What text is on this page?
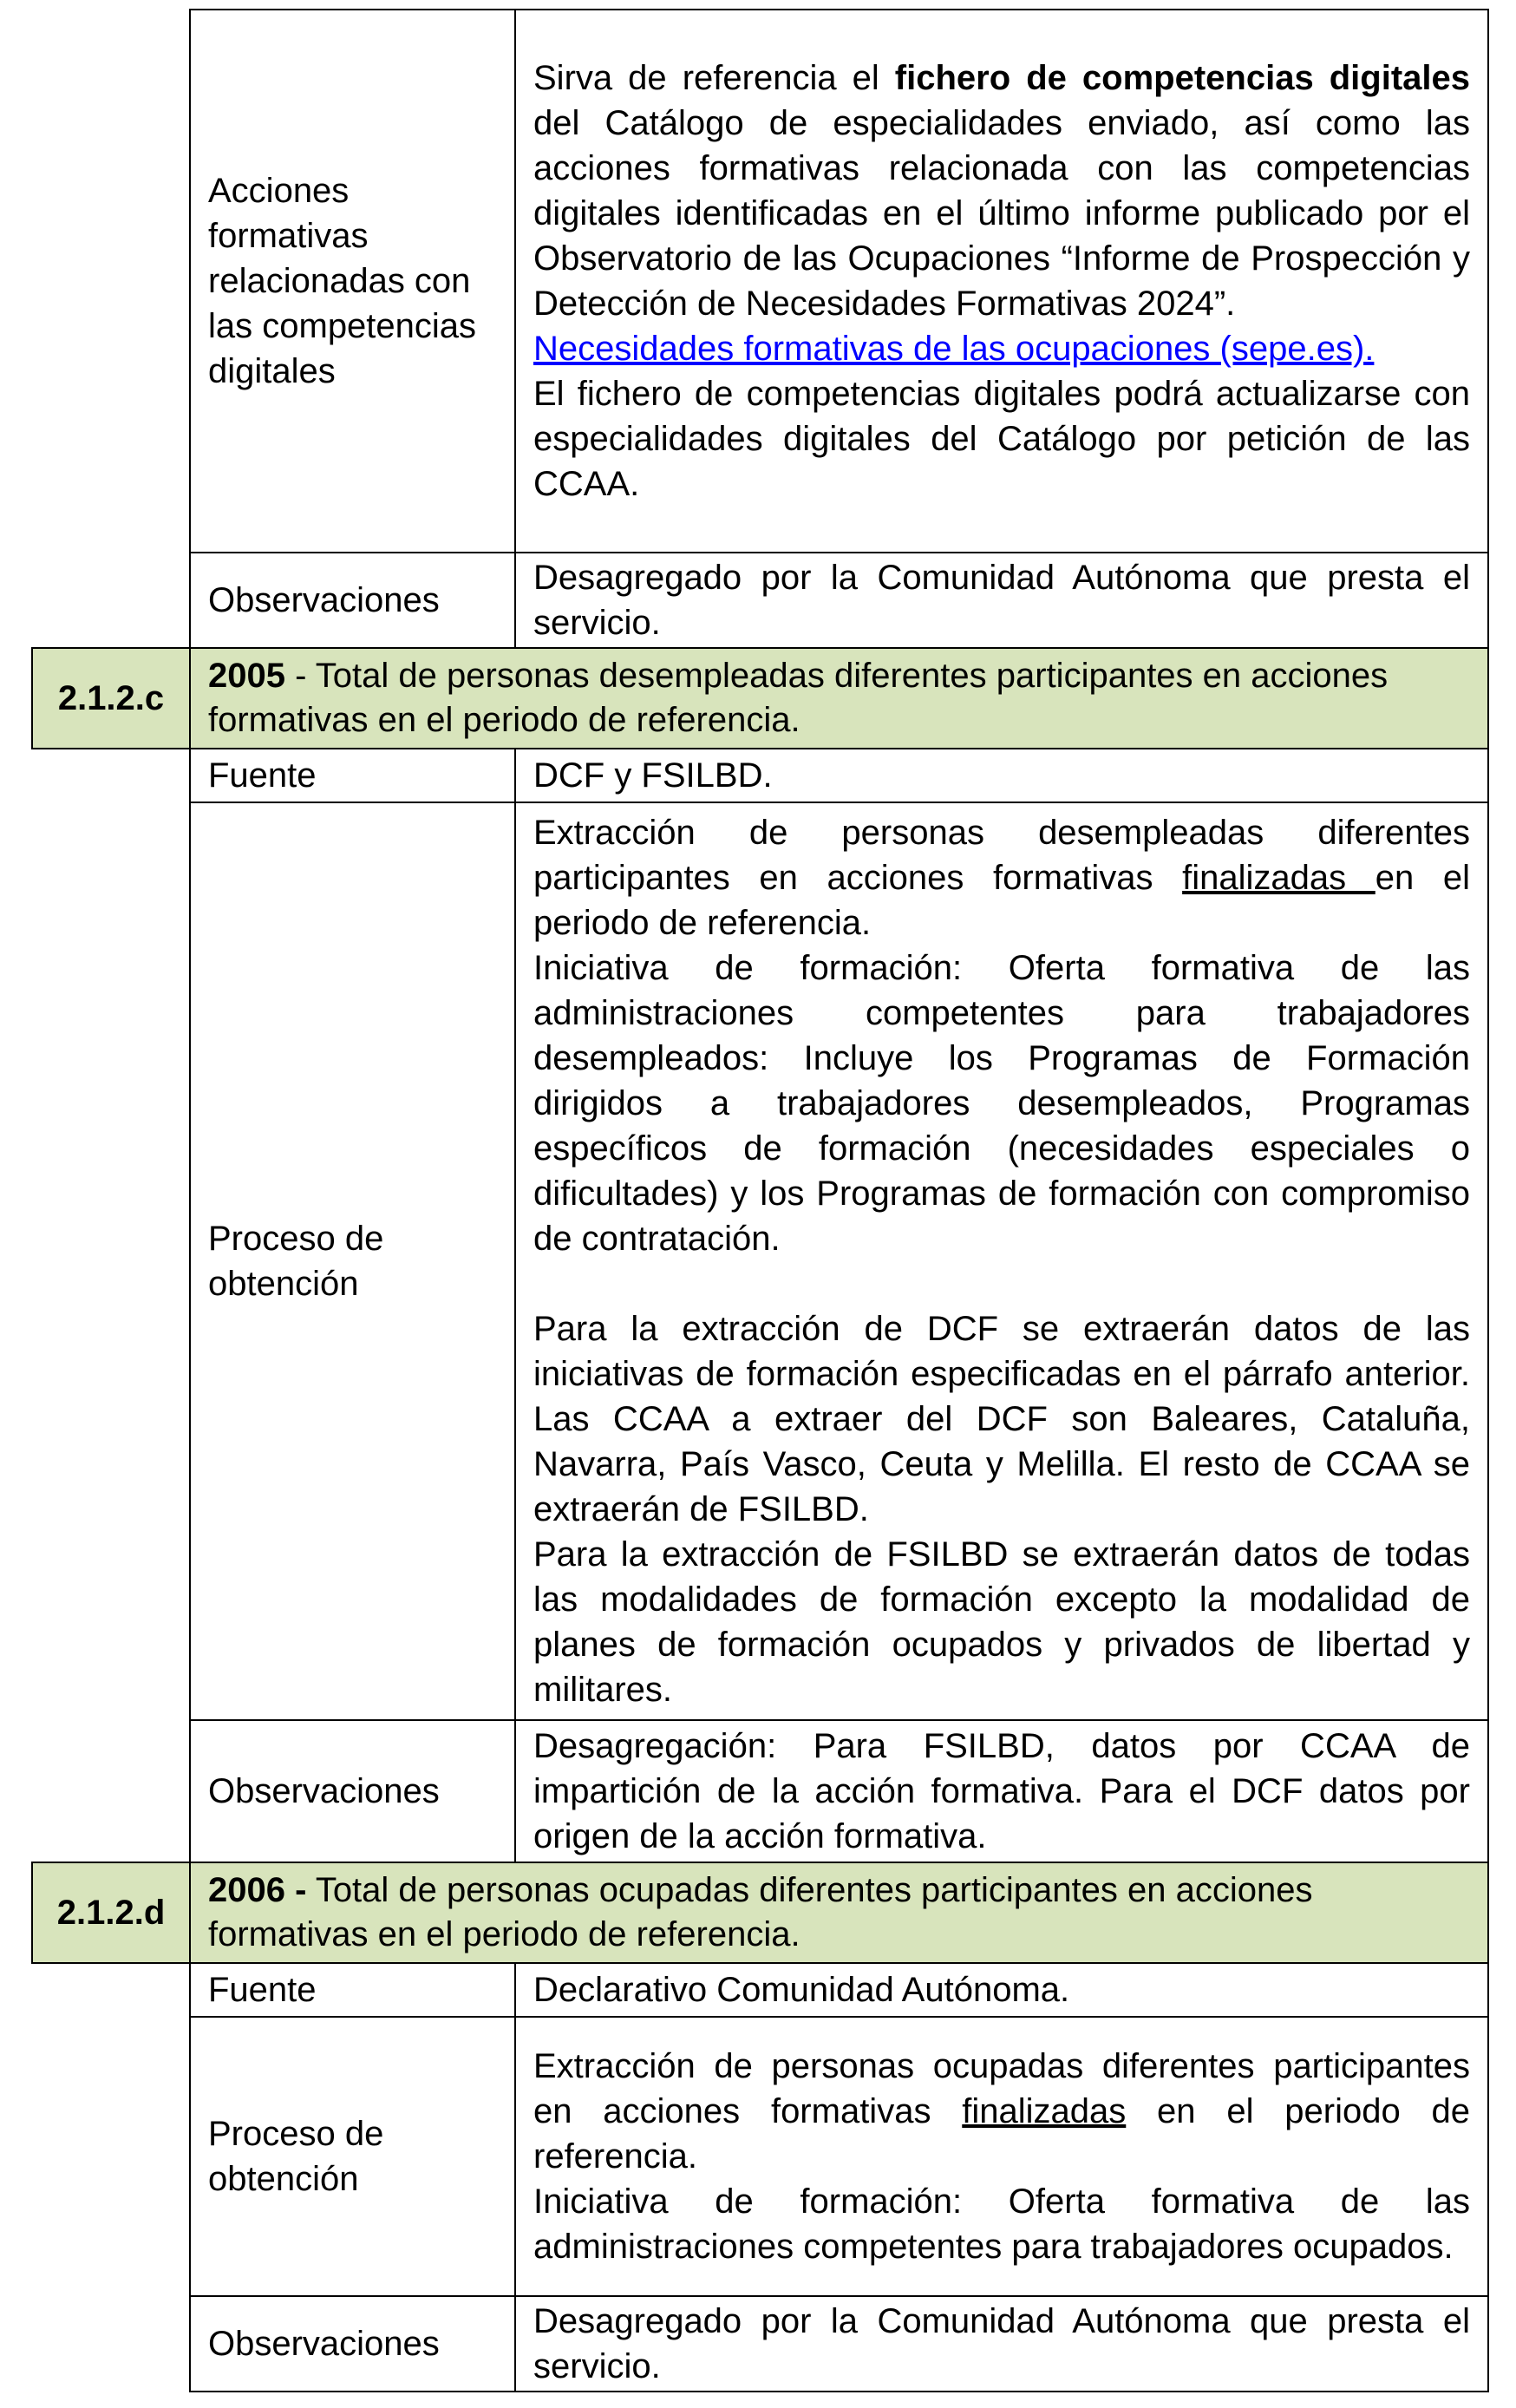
	Acciones formativas relacionadas con las competencias digitales	Sirva de referencia el fichero de competencias digitales del Catálogo de especialidades enviado, así como las acciones formativas relacionada con las competencias digitales identificadas en el último informe publicado por el Observatorio de las Ocupaciones “Informe de Prospección y Detección de Necesidades Formativas 2024”.

Necesidades formativas de las ocupaciones (sepe.es).

El fichero de competencias digitales podrá actualizarse con especialidades digitales del Catálogo por petición de las CCAA.

	Observaciones	Desagregado por la Comunidad Autónoma que presta el servicio.
2.1.2.c	2005 - Total de personas desempleadas diferentes participantes en acciones formativas en el periodo de referencia.	
	Fuente	DCF y FSILBD.
	Proceso de obtención	Extracción de personas desempleadas diferentes participantes en acciones formativas finalizadas en el periodo de referencia.

Iniciativa de formación: Oferta formativa de las administraciones competentes para trabajadores desempleados: Incluye los Programas de Formación dirigidos a trabajadores desempleados, Programas específicos de formación (necesidades especiales o dificultades) y los Programas de formación con compromiso de contratación.

Para la extracción de DCF se extraerán datos de las iniciativas de formación especificadas en el párrafo anterior. Las CCAA a extraer del DCF son Baleares, Cataluña, Navarra, País Vasco, Ceuta y Melilla. El resto de CCAA se extraerán de FSILBD.

Para la extracción de FSILBD se extraerán datos de todas las modalidades de formación excepto la modalidad de planes de formación ocupados y privados de libertad y militares.

	Observaciones	Desagregación: Para FSILBD, datos por CCAA de impartición de la acción formativa. Para el DCF datos por origen de la acción formativa.
2.1.2.d	2006 - Total de personas ocupadas diferentes participantes en acciones formativas en el periodo de referencia.	
	Fuente	Declarativo Comunidad Autónoma.
	Proceso de obtención	Extracción de personas ocupadas diferentes participantes en acciones formativas finalizadas en el periodo de referencia.

Iniciativa de formación: Oferta formativa de las administraciones competentes para trabajadores ocupados.

	Observaciones	Desagregado por la Comunidad Autónoma que presta el servicio.
